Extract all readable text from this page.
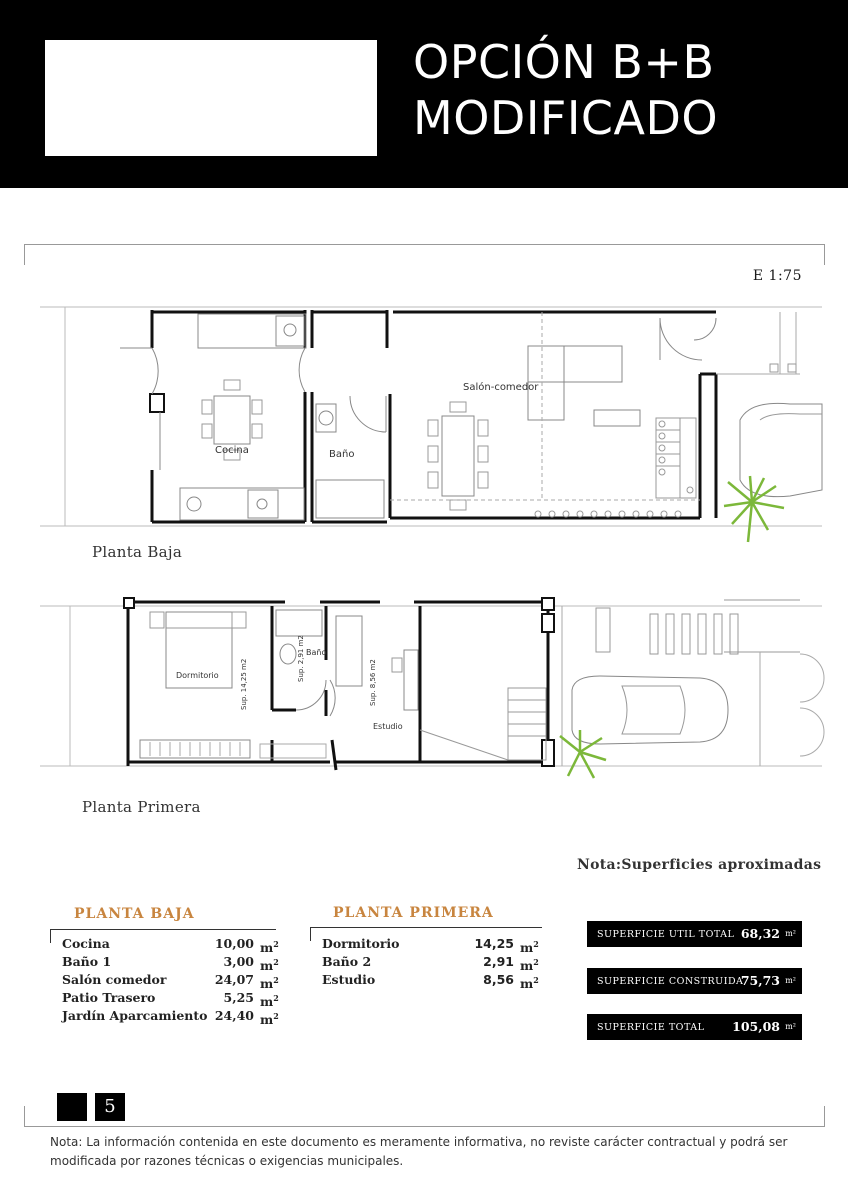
OPCIÓN B+B
MODIFICADO
E 1:75
Cocina	Baño
Salón-comedor
Dormitorio
Baño
Estudio
Sup. 14,25 m2
Sup. 2,91 m2
Sup. 8,56 m2
Planta Baja
Planta Primera
Nota:Superficies aproximadas
PLANTA BAJA
Cocina	10,00 $m^2$
Baño 1	3,00 $m^2$
Salón comedor	24,07 $m^2$
Patio Trasero	5,25 $m^2$
Jardín Aparcamiento 24,40 $m^2$
PLANTA PRIMERA
Dormitorio	14,25 $m^2$
Baño 2	2,91 $m^2$
Estudio	8,56 $m^2$
SUPERFICIE UTIL TOTAL 68,32 m²
SUPERFICIE CONSTRUIDA
75,73 m²
SUPERFICIE TOTAL 105,08 m²
5
Nota: La información contenida en este documento es meramente informativa, no reviste carácter contractual y podrá ser modificada por razones técnicas o exigencias municipales.
